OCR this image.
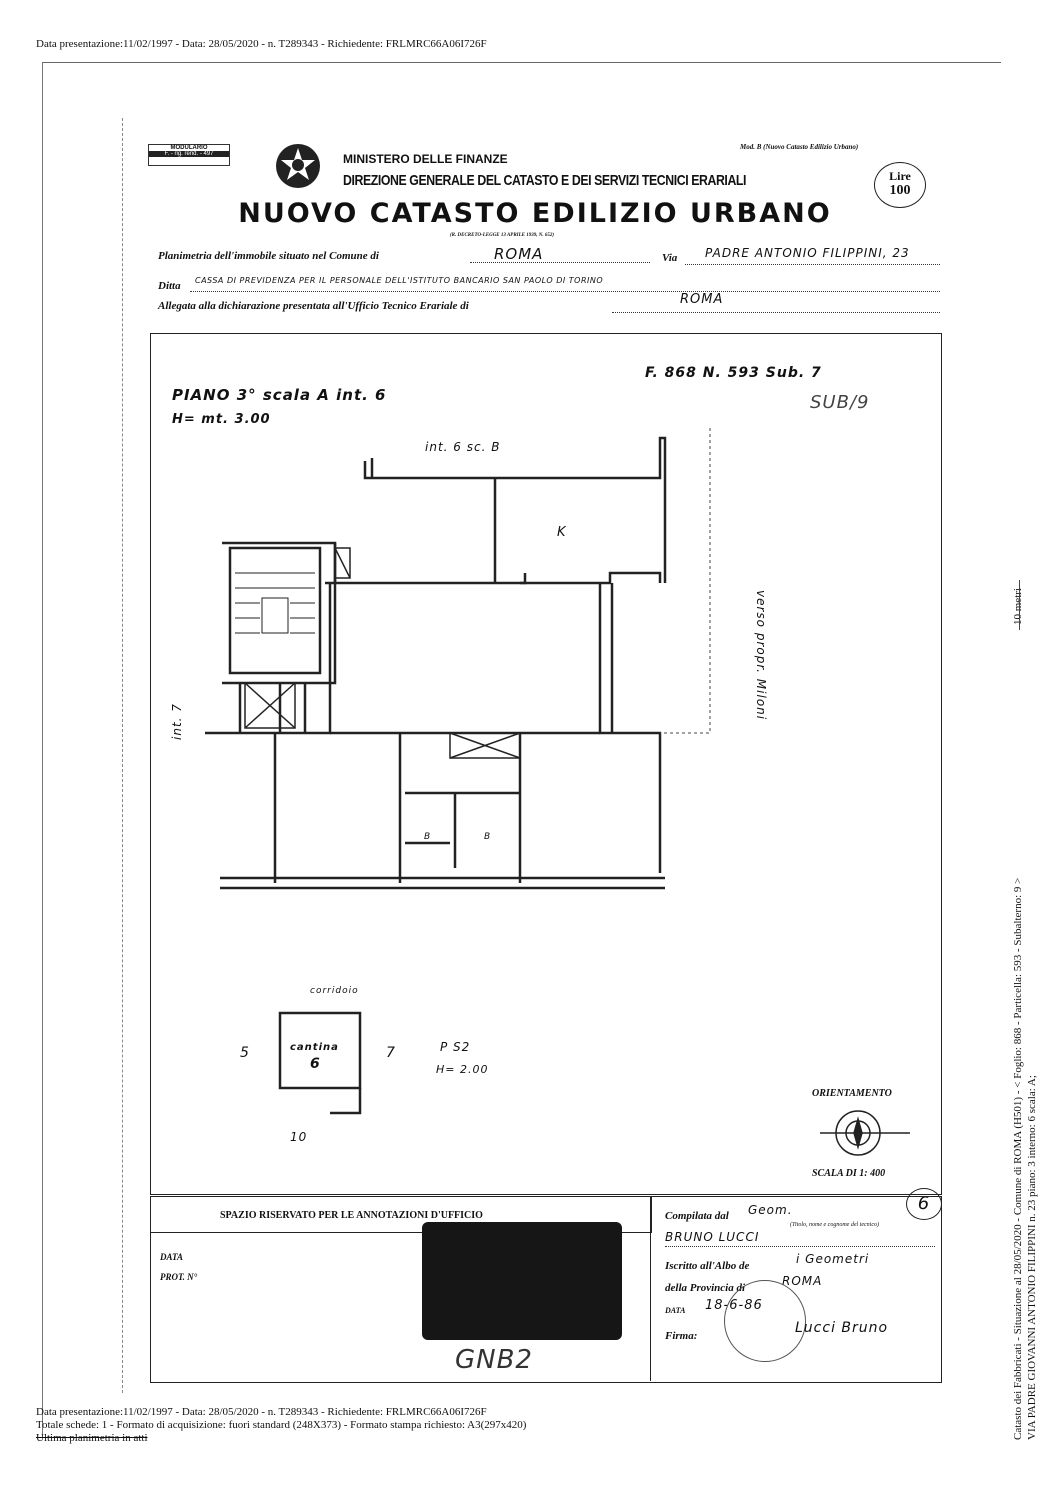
Data presentazione:11/02/1997 - Data: 28/05/2020 - n. T289343 - Richiedente: FRLMRC66A06I726F
Catasto dei Fabbricati - Situazione al 28/05/2020 - Comune di ROMA (H501) - < Foglio: 868 - Particella: 593 - Subalterno: 9 > VIA PADRE GIOVANNI ANTONIO FILIPPINI n. 23 piano: 3 interno: 6 scala: A;
10 metri
MODULARIO
F. - rig. rend. - 497
Mod. B (Nuovo Catasto Edilizio Urbano)
MINISTERO DELLE FINANZE
DIREZIONE GENERALE DEL CATASTO E DEI SERVIZI TECNICI ERARIALI	Lire
100
NUOVO CATASTO EDILIZIO URBANO
(R. DECRETO-LEGGE 13 APRILE 1939, N. 652)
Planimetria dell'immobile situato nel Comune di	ROMA	Via PADRE ANTONIO FILIPPINI, 23
Ditta CASSA DI PREVIDENZA PER IL PERSONALE DELL'ISTITUTO BANCARIO SAN PAOLO DI TORINO
Allegata alla dichiarazione presentata all'Ufficio Tecnico Erariale di	ROMA
PIANO 3° scala A int. 6
H= mt. 3.00
F. 868 N. 593 Sub. 7
SUB/9
int. 6 sc. B
K
int. 7
verso propr. Miloni
B	B
corridoio
cantina
6
5	7
10
P S2
H= 2.00
ORIENTAMENTO
SCALA DI 1: 400
6
SPAZIO RISERVATO PER LE ANNOTAZIONI D'UFFICIO
DATA
PROT. N°
GNB2
Compilata dal Geom.
(Titolo, nome e cognome del tecnico)
BRUNO LUCCI
Iscritto all'Albo de	i Geometri
della Provincia di	ROMA
DATA 18-6-86
Firma:	Lucci Bruno
Data presentazione:11/02/1997 - Data: 28/05/2020 - n. T289343 - Richiedente: FRLMRC66A06I726F
Totale schede: 1 - Formato di acquisizione: fuori standard (248X373) - Formato stampa richiesto: A3(297x420)
Ultima planimetria in atti
